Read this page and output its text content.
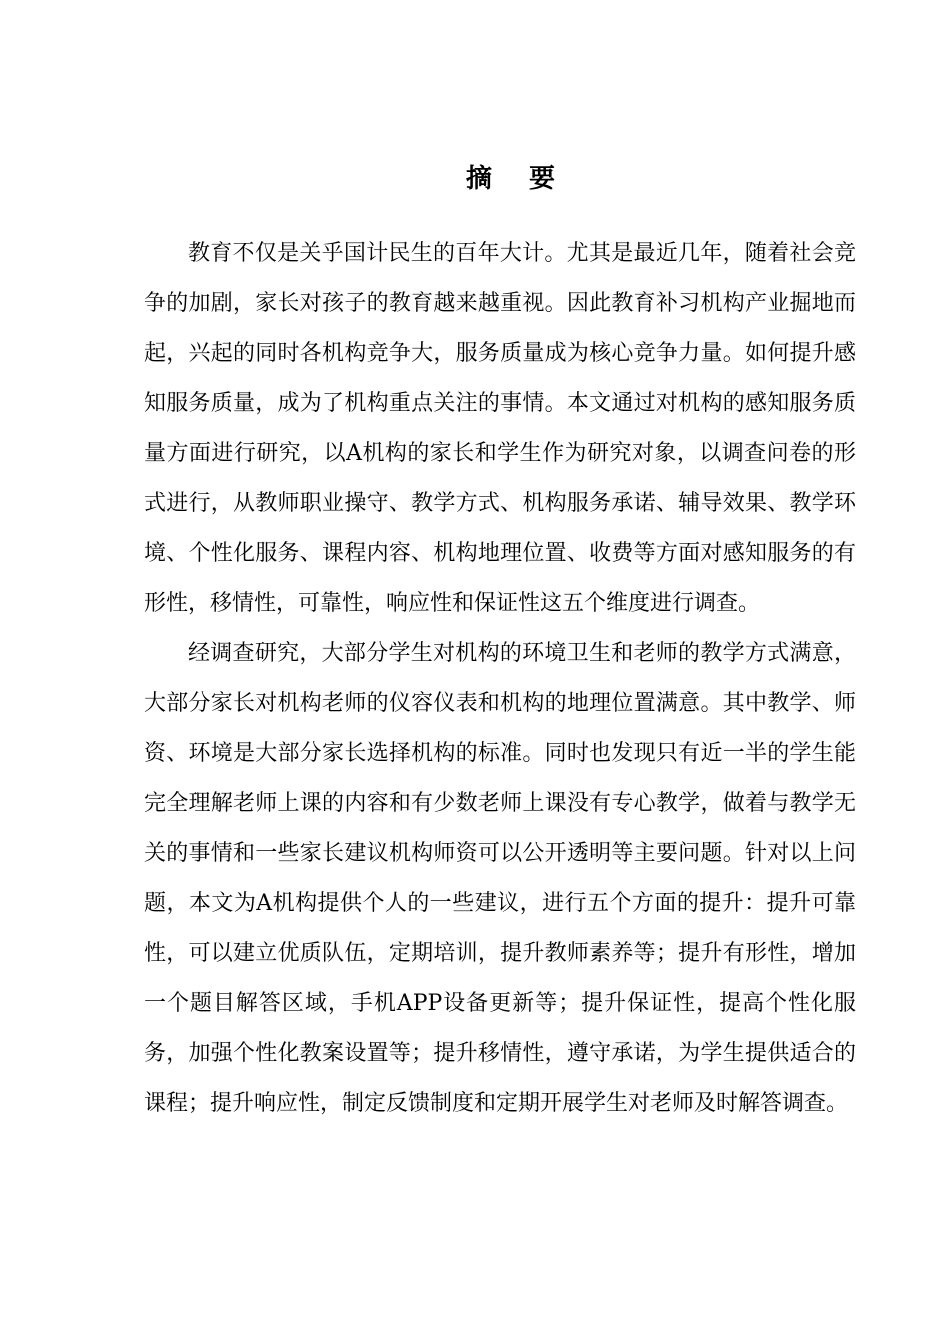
摘 要

教育不仅是关乎国计民生的百年大计。尤其是最近几年，随着社会竞争的加剧，家长对孩子的教育越来越重视。因此教育补习机构产业掘地而起，兴起的同时各机构竞争大，服务质量成为核心竞争力量。如何提升感知服务质量，成为了机构重点关注的事情。本文通过对机构的感知服务质量方面进行研究，以A机构的家长和学生作为研究对象，以调查问卷的形式进行，从教师职业操守、教学方式、机构服务承诺、辅导效果、教学环境、个性化服务、课程内容、机构地理位置、收费等方面对感知服务的有形性，移情性，可靠性，响应性和保证性这五个维度进行调查。

经调查研究，大部分学生对机构的环境卫生和老师的教学方式满意，大部分家长对机构老师的仪容仪表和机构的地理位置满意。其中教学、师资、环境是大部分家长选择机构的标准。同时也发现只有近一半的学生能完全理解老师上课的内容和有少数老师上课没有专心教学，做着与教学无关的事情和一些家长建议机构师资可以公开透明等主要问题。针对以上问题，本文为A机构提供个人的一些建议，进行五个方面的提升：提升可靠性，可以建立优质队伍，定期培训，提升教师素养等；提升有形性，增加一个题目解答区域，手机APP设备更新等；提升保证性，提高个性化服务，加强个性化教案设置等；提升移情性，遵守承诺，为学生提供适合的课程；提升响应性，制定反馈制度和定期开展学生对老师及时解答调查。
